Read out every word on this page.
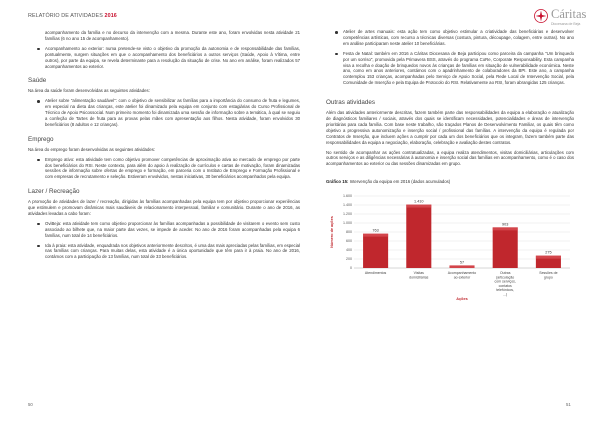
RELATÓRIO DE ATIVIDADES 2016	Cáritas
Diocesana de Beja

acompanhamento da família e no decurso da intervenção com a mesma. Durante este ano, foram envolvidas nesta atividade 21 famílias (6 no ano 15 de acompanhamento).

Acompanhamento ao exterior: numa pretende-se visto o objetivo da promoção da autonomia e de responsabilidade das famílias, pontualmente, surgem situações em que o acompanhamento dos beneficiários a outros serviços (Saúde, Apoio à Vítima, entre outros), por parte da equipa, se revela determinante para a resolução da situação de crise. No ano em análise, foram realizados 57 acompanhamentos ao exterior.
Saúde

Na área da saúde foram desenvolvidas as seguintes atividades:

Atelier sobre "alimentação saudável": com o objetivo de sensibilizar as famílias para a importância do consumo de fruta e legumes, em especial na dieta das crianças, este atelier foi dinamizado pela equipa em conjunto com estagiárias do Curso Profissional de Técnico de Apoio Psicossocial. Num primeiro momento foi dinamizada uma sessão de informação sobre a temática, à qual se seguiu a confeção de Tartes de fruta para as provas pelas mães com apresentação aos filhos. Nesta atividade, foram envolvidos 30 beneficiários (8 adultos e 12 crianças).
Emprego

Na área do emprego foram desenvolvidas as seguintes atividades:

Emprego ativo: esta atividade tem como objetivo promover competências de aproximação ativa ao mercado de emprego por parte dos beneficiários do RSI. Neste contexto, para além do apoio à realização de currículos e cartas de motivação, foram dinamizadas sessões de informação sobre ofertas de emprego e formação, em parceria com o Instituto de Emprego e Formação Profissional e com empresas de recrutamento e seleção. Estiveram envolvidos, nestas iniciativas, 30 beneficiários acompanhados pela equipa.
Lazer / Recreação

A promoção de atividades de lazer / recreação, dirigidas às famílias acompanhadas pela equipa tem por objetivo proporcionar experiências que estimulem e promovam dinâmicas mais saudáveis de relacionamento interpessoal, familiar e comunitário. Durante o ano de 2016, as atividades levadas a cabo foram:

OviBeja: esta atividade tem como objetivo proporcionar às famílias acompanhadas a possibilidade de visitarem o evento sem custo associado ao bilhete que, na maior parte das vezes, se impede de aceder. No ano de 2016 foram acompanhadas pela equipa 6 famílias, num total de 14 beneficiários.
Ida à praia: esta atividade, enquadrada nos objetivos anteriormente descritos, é uma das mais apreciadas pelas famílias, em especial nas famílias com crianças. Para muitas delas, esta atividade é a única oportunidade que têm para ir à praia. No ano de 2016, contámos com a participação de 13 famílias, num total de 33 beneficiários.
Atelier de artes manuais: esta ação tem como objetivo estimular a criatividade das beneficiárias e desenvolver competências artísticas, com recurso a técnicas diversas (costura, pintura, découpage, colagem, entre outras). No ano em análise participaram neste atelier 10 beneficiárias.
Festa de Natal: também em 2016 a Cáritas Diocesana de Beja participou como parceira da campanha "Um brinquedo por um sorriso", promovida pela Primavera BSS, através do programa CoRe, Corporate Responsability. Esta campanha visa a recolha e doação de brinquedos novos às crianças de famílias em situação de vulnerabilidade económica. Neste ano, como em anos anteriores, contámos com o apadrinhamento de colaboradores da BPI. Este ano, a campanha contemplou 153 crianças, acompanhadas pelo Serviço de Apoio Social, pela Rede Local de Intervenção Social, pela Comunidade de Inserção e pela Equipa de Protocolo do RSI. Relativamente ao RSI, foram abrangidas 125 crianças.
Outras atividades

Além das atividades anteriormente descritas, fazem também parte das responsabilidades da equipa a elaboração e atualização de diagnósticos familiares / sociais, através dos quais se identificam necessidades, potencialidades e áreas de intervenção prioritárias para cada família. Com base neste trabalho, são traçados Planos de Desenvolvimento Familiar, os quais têm como objetivo a progressiva autonomização e inserção social / profissional das famílias. A intervenção da equipa é regulada por Contratos de Inserção, que incluem ações a cumprir por cada um dos beneficiários que os integram, fazem também parte das responsabilidades da equipa a negociação, elaboração, celebração e avaliação destes contratos.

No sentido de acompanhar as ações contratualizadas, a equipa realiza atendimentos, visitas domiciliárias, articulações com outros serviços e as diligências necessárias à autonomia e inserção social das famílias em acompanhamento, como é o caso dos acompanhamentos ao exterior ou das sessões dinamizadas em grupo.

Gráfico 15: Intervenção da equipa em 2016 (dados acumulados)
0
200
400
600
800
1.000
1.200
1.400
1.600
Número de ações	763
Atendimentos
1.410
Visitas domiciliárias
57
Acompanhamento ao exterior
903
Outras (articulação com serviços, contatos telefónicos, ...)
275
Sessões de grupo
Ações
50	51
